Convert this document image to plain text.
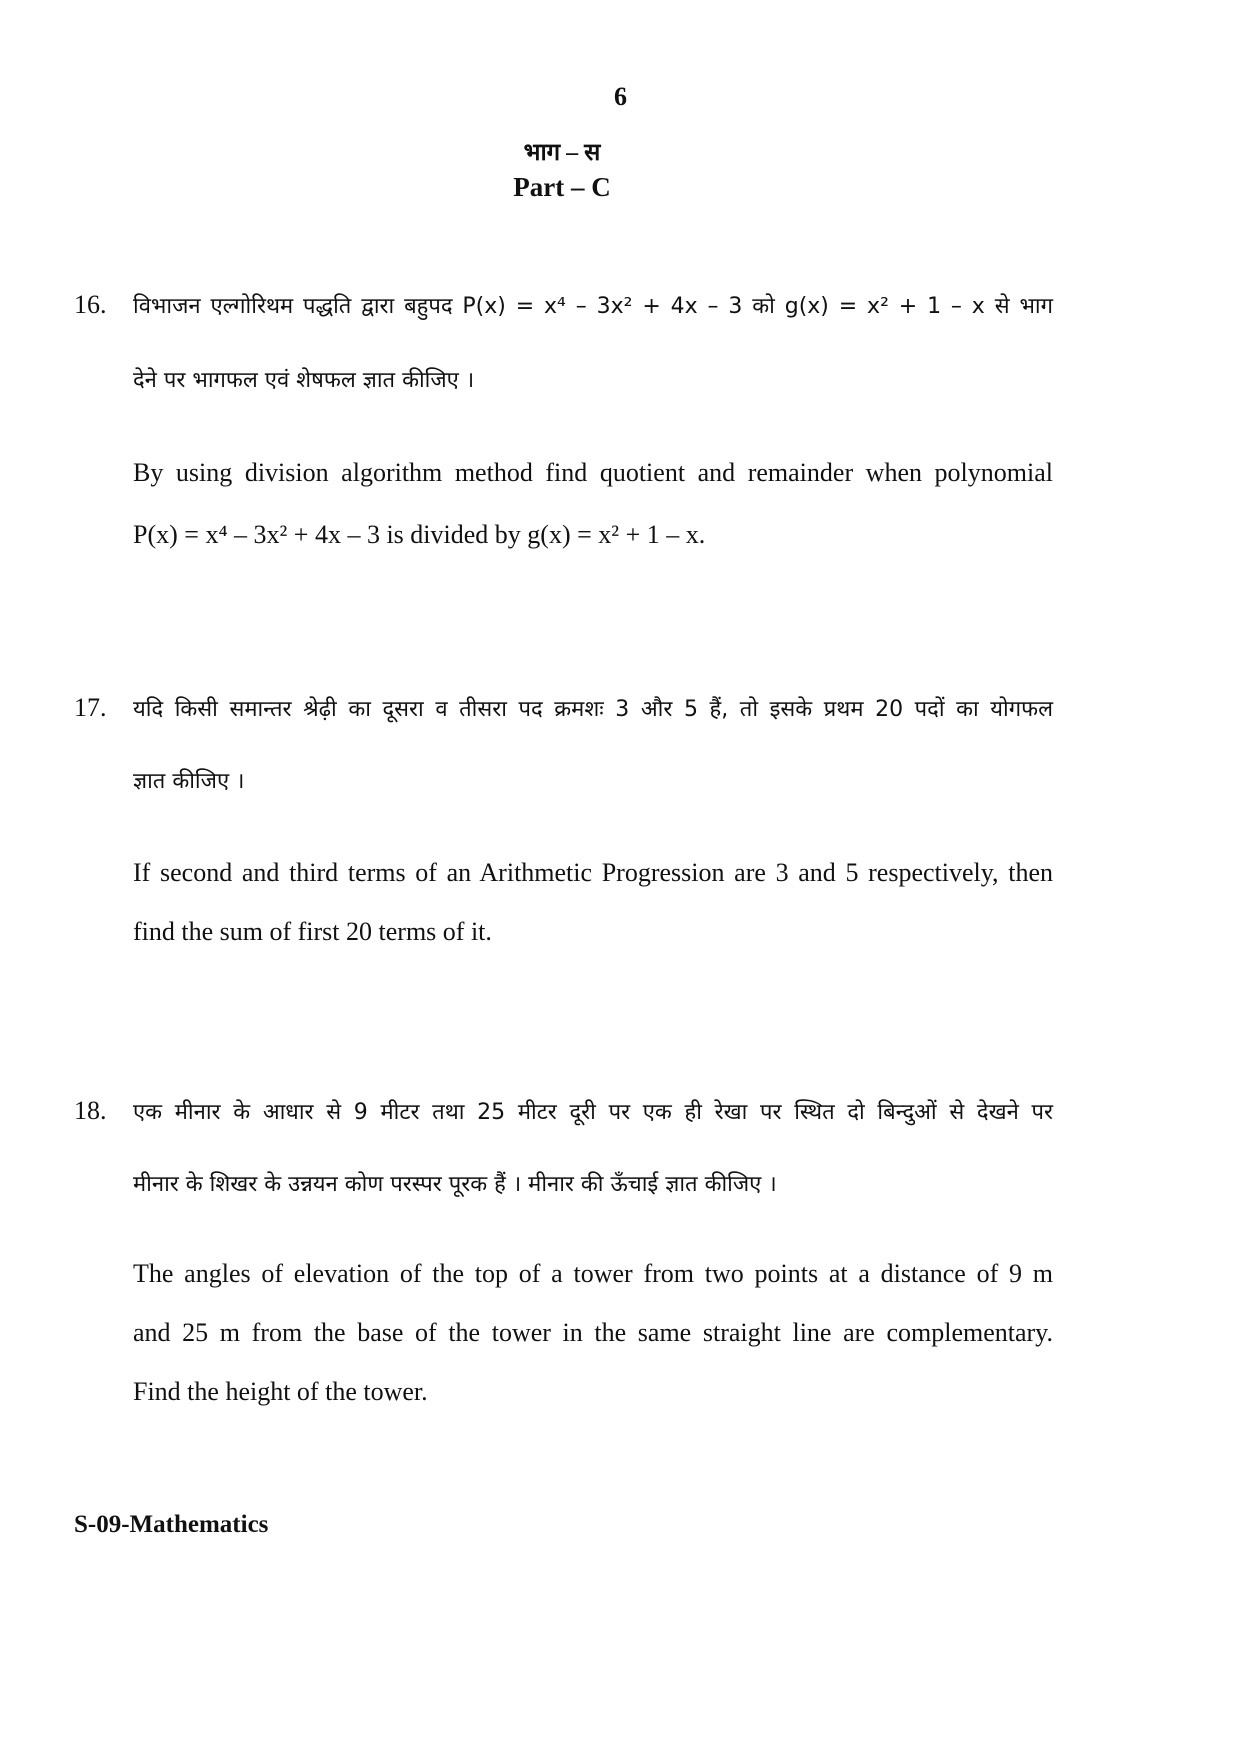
6
भाग – स
Part – C
16. विभाजन एल्गोरिथम पद्धति द्वारा बहुपद P(x) = x⁴ – 3x² + 4x – 3 को g(x) = x² + 1 – x से भाग
देने पर भागफल एवं शेषफल ज्ञात कीजिए ।
By using division algorithm method find quotient and remainder when polynomial
P(x) = x⁴ – 3x² + 4x – 3 is divided by g(x) = x² + 1 – x.
17. यदि किसी समान्तर श्रेढ़ी का दूसरा व तीसरा पद क्रमशः 3 और 5 हैं, तो इसके प्रथम 20 पदों का योगफल
ज्ञात कीजिए ।
If second and third terms of an Arithmetic Progression are 3 and 5 respectively, then
find the sum of first 20 terms of it.
18. एक मीनार के आधार से 9 मीटर तथा 25 मीटर दूरी पर एक ही रेखा पर स्थित दो बिन्दुओं से देखने पर
मीनार के शिखर के उन्नयन कोण परस्पर पूरक हैं । मीनार की ऊँचाई ज्ञात कीजिए ।
The angles of elevation of the top of a tower from two points at a distance of 9 m
and 25 m from the base of the tower in the same straight line are complementary.
Find the height of the tower.
S-09-Mathematics
